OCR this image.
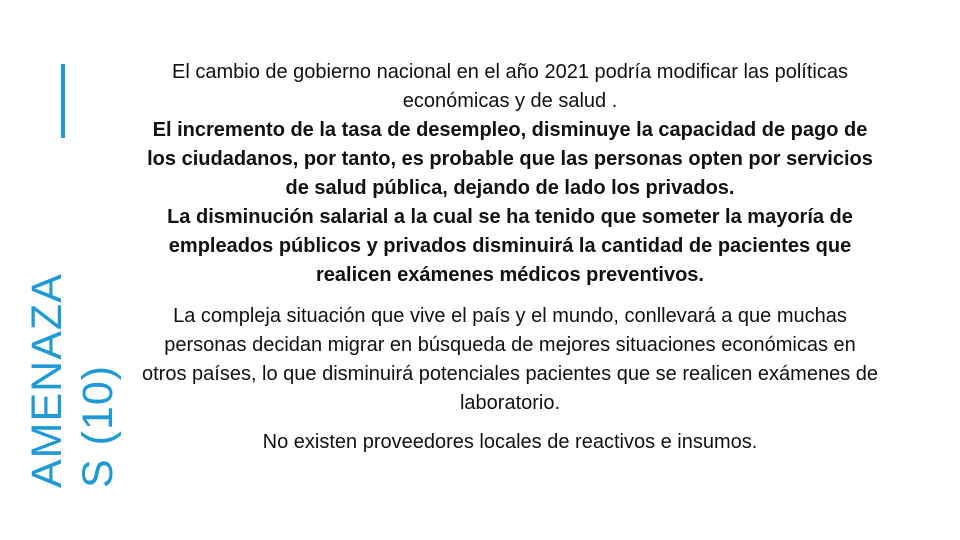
AMENAZA S (10)

El cambio de gobierno nacional en el año 2021 podría modificar las políticas económicas y de salud .

El incremento de la tasa de desempleo, disminuye la capacidad de pago de los ciudadanos, por tanto, es probable que las personas opten por servicios de salud pública, dejando de lado los privados.

La disminución salarial a la cual se ha tenido que someter la mayoría de empleados públicos y privados disminuirá la cantidad de pacientes que realicen exámenes médicos preventivos.

La compleja situación que vive el país y el mundo, conllevará a que muchas personas decidan migrar en búsqueda de mejores situaciones económicas en otros países, lo que disminuirá potenciales pacientes que se realicen exámenes de laboratorio.

No existen proveedores locales de reactivos e insumos.
